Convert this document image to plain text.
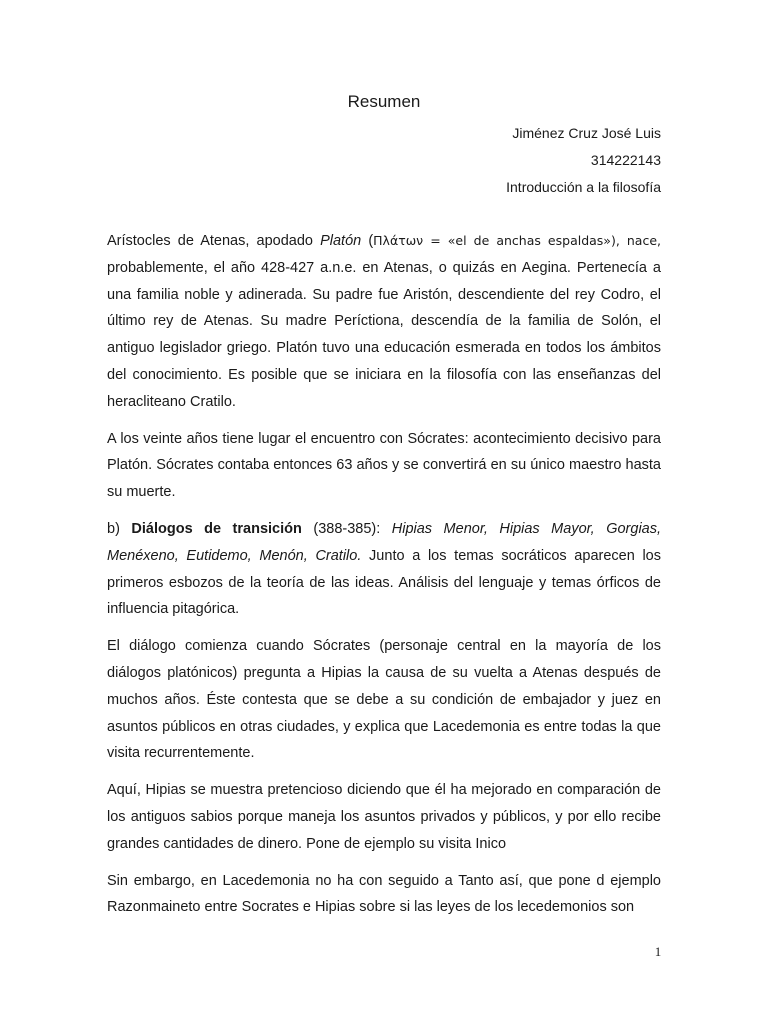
Resumen
Jiménez Cruz José Luis
314222143
Introducción a la filosofía

Arístocles de Atenas, apodado Platón (Πλάτων = «el de anchas espaldas»), nace, probablemente, el año 428-427 a.n.e. en Atenas, o quizás en Aegina. Pertenecía a una familia noble y adinerada. Su padre fue Aristón, descendiente del rey Codro, el último rey de Atenas. Su madre Períctiona, descendía de la familia de Solón, el antiguo legislador griego. Platón tuvo una educación esmerada en todos los ámbitos del conocimiento. Es posible que se iniciara en la filosofía con las enseñanzas del heracliteano Cratilo.

A los veinte años tiene lugar el encuentro con Sócrates: acontecimiento decisivo para Platón. Sócrates contaba entonces 63 años y se convertirá en su único maestro hasta su muerte.

b) Diálogos de transición (388-385): Hipias Menor, Hipias Mayor, Gorgias, Menéxeno, Eutidemo, Menón, Cratilo. Junto a los temas socráticos aparecen los primeros esbozos de la teoría de las ideas. Análisis del lenguaje y temas órficos de influencia pitagórica.

El diálogo comienza cuando Sócrates (personaje central en la mayoría de los diálogos platónicos) pregunta a Hipias la causa de su vuelta a Atenas después de muchos años. Éste contesta que se debe a su condición de embajador y juez en asuntos públicos en otras ciudades, y explica que Lacedemonia es entre todas la que visita recurrentemente.

Aquí, Hipias se muestra pretencioso diciendo que él ha mejorado en comparación de los antiguos sabios porque maneja los asuntos privados y públicos, y por ello recibe grandes cantidades de dinero. Pone de ejemplo su visita Inico

Sin embargo, en Lacedemonia no ha con seguido a Tanto así, que pone d ejemplo Razonmaineto entre Socrates e Hipias sobre si las leyes de los lecedemonios son

1
